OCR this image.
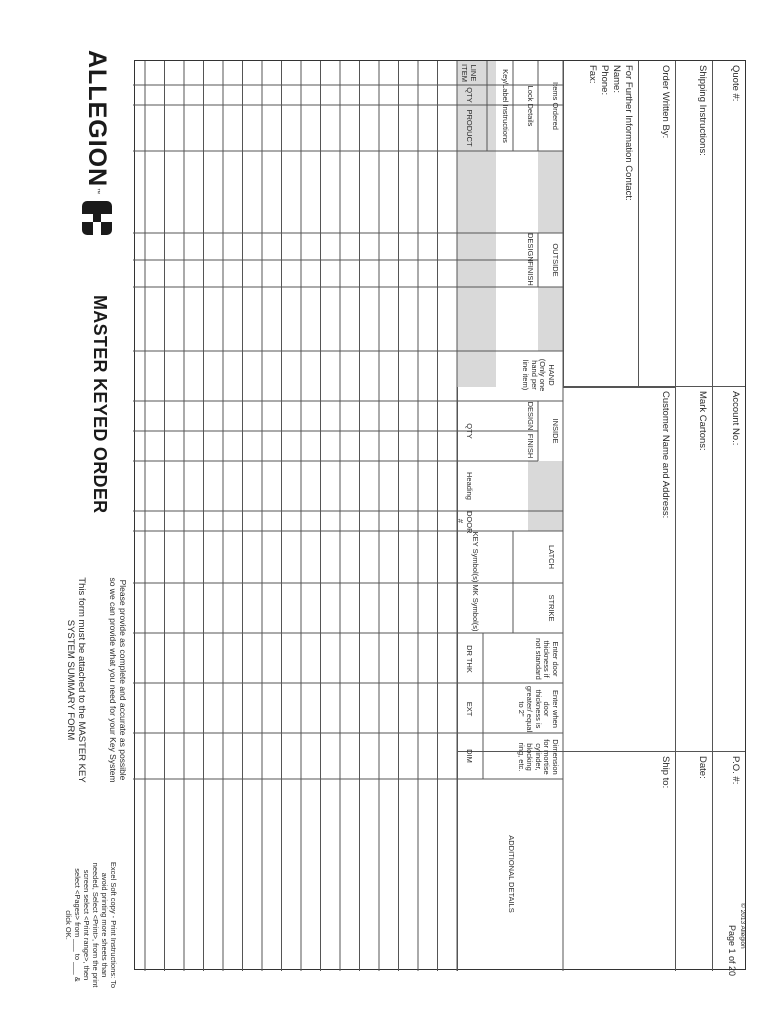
ALLEGION
™
MASTER KEYED ORDER
This form must be attached to the MASTER KEY SYSTEM SUMMARY FORM	Please provide as complete and accurate as possible so we can provide what you need for your Key System
Excel Soft copy - Print Instructions: To avoid printing more sheets than needed, Select <Print>, from the print screen select <Print range>, then select <Pages> from ___ to ___ & click OK.	Page 1 of 20 © 2013 Allegion
Quote #:
Account No.:
P.O. #:
Shipping Instructions:
Mark Cartons:
Date:
Order Written By:
Customer Name and Address:
Ship to:
For Further Information Contact:
Name:
Phone:
Fax:
Items Ordered
Lock Details
Key/Label Instructions
OUTSIDE
DESIGN
FINISH
HAND (Only one hand per line item)
INSIDE
DESIGN
FINISH
LATCH
STRIKE
Enter door thickness if not standard
Enter when door thickness is greater/ equal to 2"
Dimension for mortise cylinder, blocking ring, etc.
ADDITIONAL DETAILS
LINE ITEM
QTY
PRODUCT
QTY
Heading
DOOR #
KEY Symbol(s)
MK Symbol(s)
DR THK
EXT
DIM
